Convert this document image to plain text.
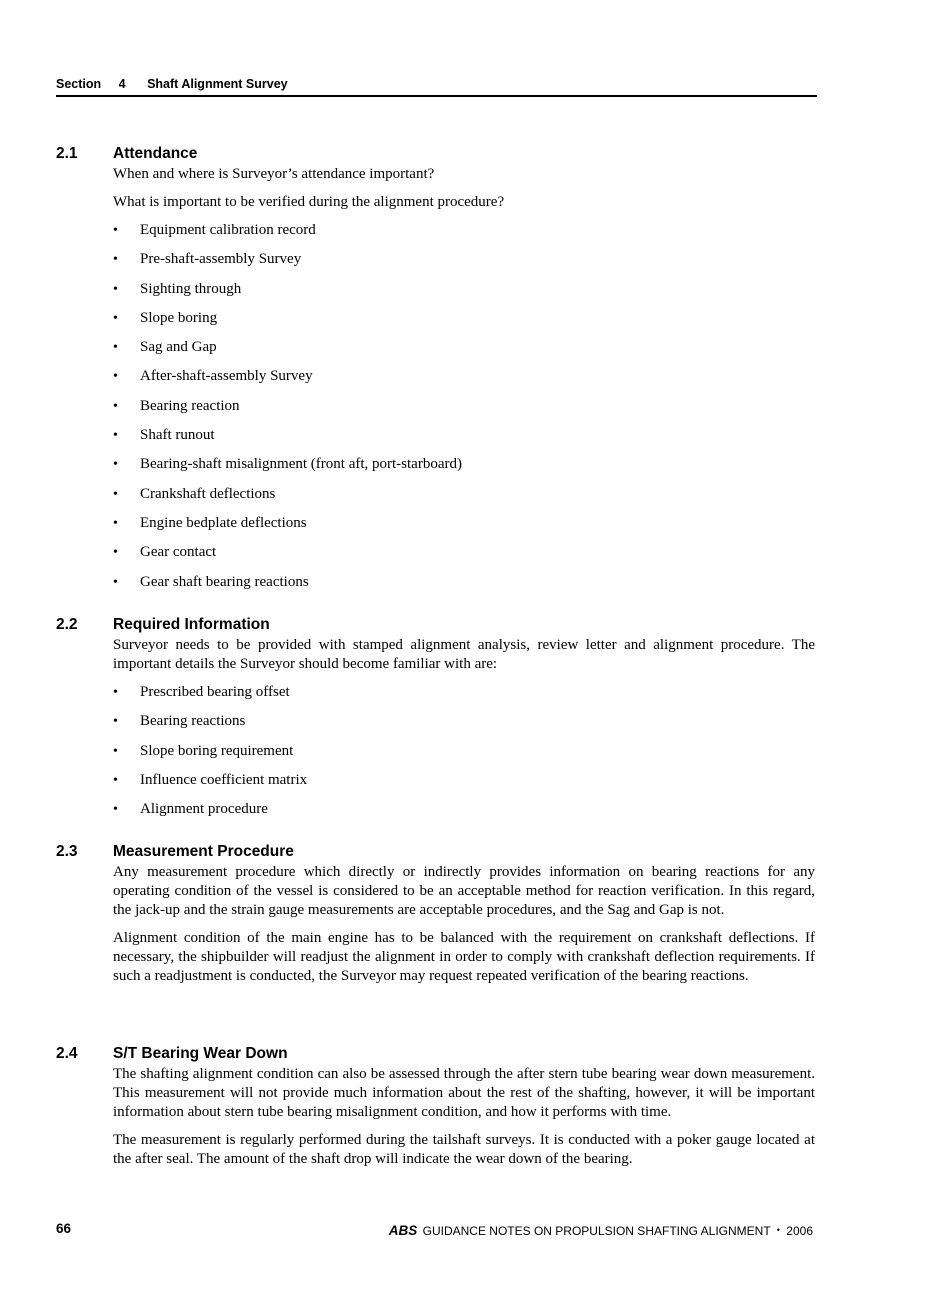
Section 4 Shaft Alignment Survey
2.1 Attendance

When and where is Surveyor’s attendance important?

What is important to be verified during the alignment procedure?

• Equipment calibration record
• Pre-shaft-assembly Survey
• Sighting through
• Slope boring
• Sag and Gap
• After-shaft-assembly Survey
• Bearing reaction
• Shaft runout
• Bearing-shaft misalignment (front aft, port-starboard)
• Crankshaft deflections
• Engine bedplate deflections
• Gear contact
• Gear shaft bearing reactions
2.2 Required Information

Surveyor needs to be provided with stamped alignment analysis, review letter and alignment procedure. The important details the Surveyor should become familiar with are:

• Prescribed bearing offset
• Bearing reactions
• Slope boring requirement
• Influence coefficient matrix
• Alignment procedure
2.3 Measurement Procedure

Any measurement procedure which directly or indirectly provides information on bearing reactions for any operating condition of the vessel is considered to be an acceptable method for reaction verification. In this regard, the jack-up and the strain gauge measurements are acceptable procedures, and the Sag and Gap is not.

Alignment condition of the main engine has to be balanced with the requirement on crankshaft deflections. If necessary, the shipbuilder will readjust the alignment in order to comply with crankshaft deflection requirements. If such a readjustment is conducted, the Surveyor may request repeated verification of the bearing reactions.

2.4 S/T Bearing Wear Down

The shafting alignment condition can also be assessed through the after stern tube bearing wear down measurement. This measurement will not provide much information about the rest of the shafting, however, it will be important information about stern tube bearing misalignment condition, and how it performs with time.

The measurement is regularly performed during the tailshaft surveys. It is conducted with a poker gauge located at the after seal. The amount of the shaft drop will indicate the wear down of the bearing.

66	ABS GUIDANCE NOTES ON PROPULSION SHAFTING ALIGNMENT • 2006
